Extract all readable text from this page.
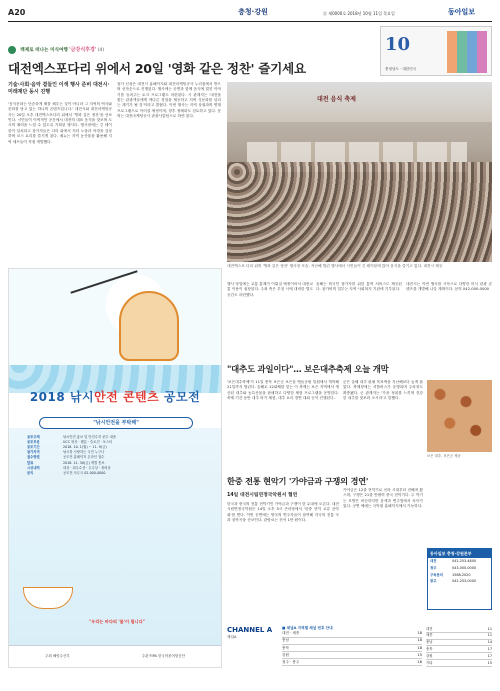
A20	충청·강원	㉑ 제0000호 2018년 10월 11일 목요일	동아일보
백제로 떠나는 미식여행 '금강식후경' (4)	10
충청남도 · 대한민국
대전엑스포다리 위에서 20일 '영화 같은 정찬' 즐기세요
기술·사회·음악 곁들인 이색 행사 준비 대전시·미래재단 동시 진행
'음식문화는 단순하게 배를 채우는 것이 아니라 그 지역의 역사와 문화를 담고 있는 하나의 콘텐츠입니다.' 대전시와 대전마케팅공사는 20일 오후 대전엑스포다리 위에서 '영화 같은 정찬'을 선보인다. 시민들이 이색적인 공간에서 대전의 대표 음식을 맛보며 도시의 매력을 느낄 수 있도록 기획된 행사다. 행사장에는 긴 테이블이 설치되고 참가자들은 다리 위에서 저녁 노을과 야경을 감상하며 코스 요리를 즐기게 된다. 메뉴는 지역 농산물을 활용해 지역 셰프들이 직접 개발했다.
참가 신청은 대전시 홈페이지와 대전마케팅공사 누리집에서 받으며 선착순으로 진행된다. 행사에는 공연과 함께 음식에 얽힌 이야기를 들려주는 토크 프로그램도 마련된다. 시 관계자는 '대전을 찾는 관광객들에게 색다른 경험을 제공하고 지역 식문화를 알리는 계기가 될 것'이라고 밝혔다. 이번 행사는 지역 상권과의 연계 프로그램으로 이어질 예정이며, 향후 정례화도 검토하고 있다. 문의는 대전마케팅공사 관광사업팀으로 하면 된다.
대전 음식 축제
대전엑스포 다리 위의 '영화 같은 정찬' 행사장 모습. 지난해 열린 행사에서 시민들이 긴 테이블에 앉아 음식을 즐기고 있다. 대전시 제공
행사 당일에는 교통 통제가 이뤄질 예정이어서 대중교통 이용이 권장된다. 주최 측은 우천 시에 대비한 별도 공간도 마련했다.
올해는 외국인 참가자를 위한 통역 서비스도 제공된다. 참가비의 일부는 지역 사회복지 기관에 기부된다.
대전시는 이번 행사를 시작으로 다양한 미식 관광 콘텐츠를 개발해 나갈 계획이다. 문의 042-000-0000
2018 낚시안전 콘텐츠 공모전
"낚시안전을 부탁해"
공모주제	낚시안전 홍보 및 안전수칙 준수 내용
공모부문	UCC 영상 · 웹툰 · 슬로건 · 포스터
공모기간	2018. 10. 1(월) ~ 11. 9(금)
참가자격	낚시를 사랑하는 국민 누구나
접수방법	공모전 홈페이지 온라인 접수
발표	2018. 11. 30(금) 개별 통보
시상내역	대상 · 최우수상 · 우수상 · 장려상
문의	공모전 사무국 02-000-0000
"우리는 바다의 '물'이 됩니다"
주최 해양수산부	주관 FIPA 한국어촌어항공단
"대추도 과일이다"… 보은대추축제 오늘 개막
'보은대추축제'가 11일 충북 보은군 보은읍 뱃들공원 일원에서 개막해 21일까지 열린다. 올해로 12회째를 맞는 이 축제는 보은 지역에서 생산된 대추와 농특산물을 판매하고 다양한 체험 프로그램을 운영한다. 축제 기간 동안 대추 따기 체험, 대추 요리 경연 대회 등이 진행된다.
군은 올해 대추 판매 목표액을 지난해보다 높게 잡았다. 축제장에는 셔틀버스가 운행되며 주차장도 확충됐다. 군 관계자는 '가을 정취를 느끼며 건강한 대추를 맛보러 오시라'고 말했다.
보은 대추. 보은군 제공
한중 전통 현악기 '가야금과 구쟁의 경연'
14일 대전시립연정국악원서 협연
한국과 중국의 전통 현악기인 가야금과 구쟁이 한 무대에 오른다. 대전시립연정국악원은 14일 오후 5시 큰마당에서 '한중 현악 교류 음악회'를 연다. 이번 공연에는 양국의 연주자들이 참여해 각국의 전통 곡과 창작곡을 선보인다. 관람료는 전석 1만 원이다.
가야금은 12줄 현악기로 신라 시대부터 전해져 왔으며, 구쟁은 21줄 안팎의 중국 현악기다. 두 악기는 모양은 비슷하지만 음색과 연주법에서 차이가 있다. 공연 예매는 국악원 홈페이지에서 가능하다.
동아일보 충청·강원본부
대전	042-253-4800
청주	043-000-0000
구독문의	1588-2020
광고	042-253-0000
CHANNEL A
채널A
■ 채널A 지역별 채널 번호 안내
대전 · 세종	18
충남	18
충북	18
강원	15
청주 · 충주	16
대전	11
세종	11
충남	14
충북	17
강원	17
기타	15
